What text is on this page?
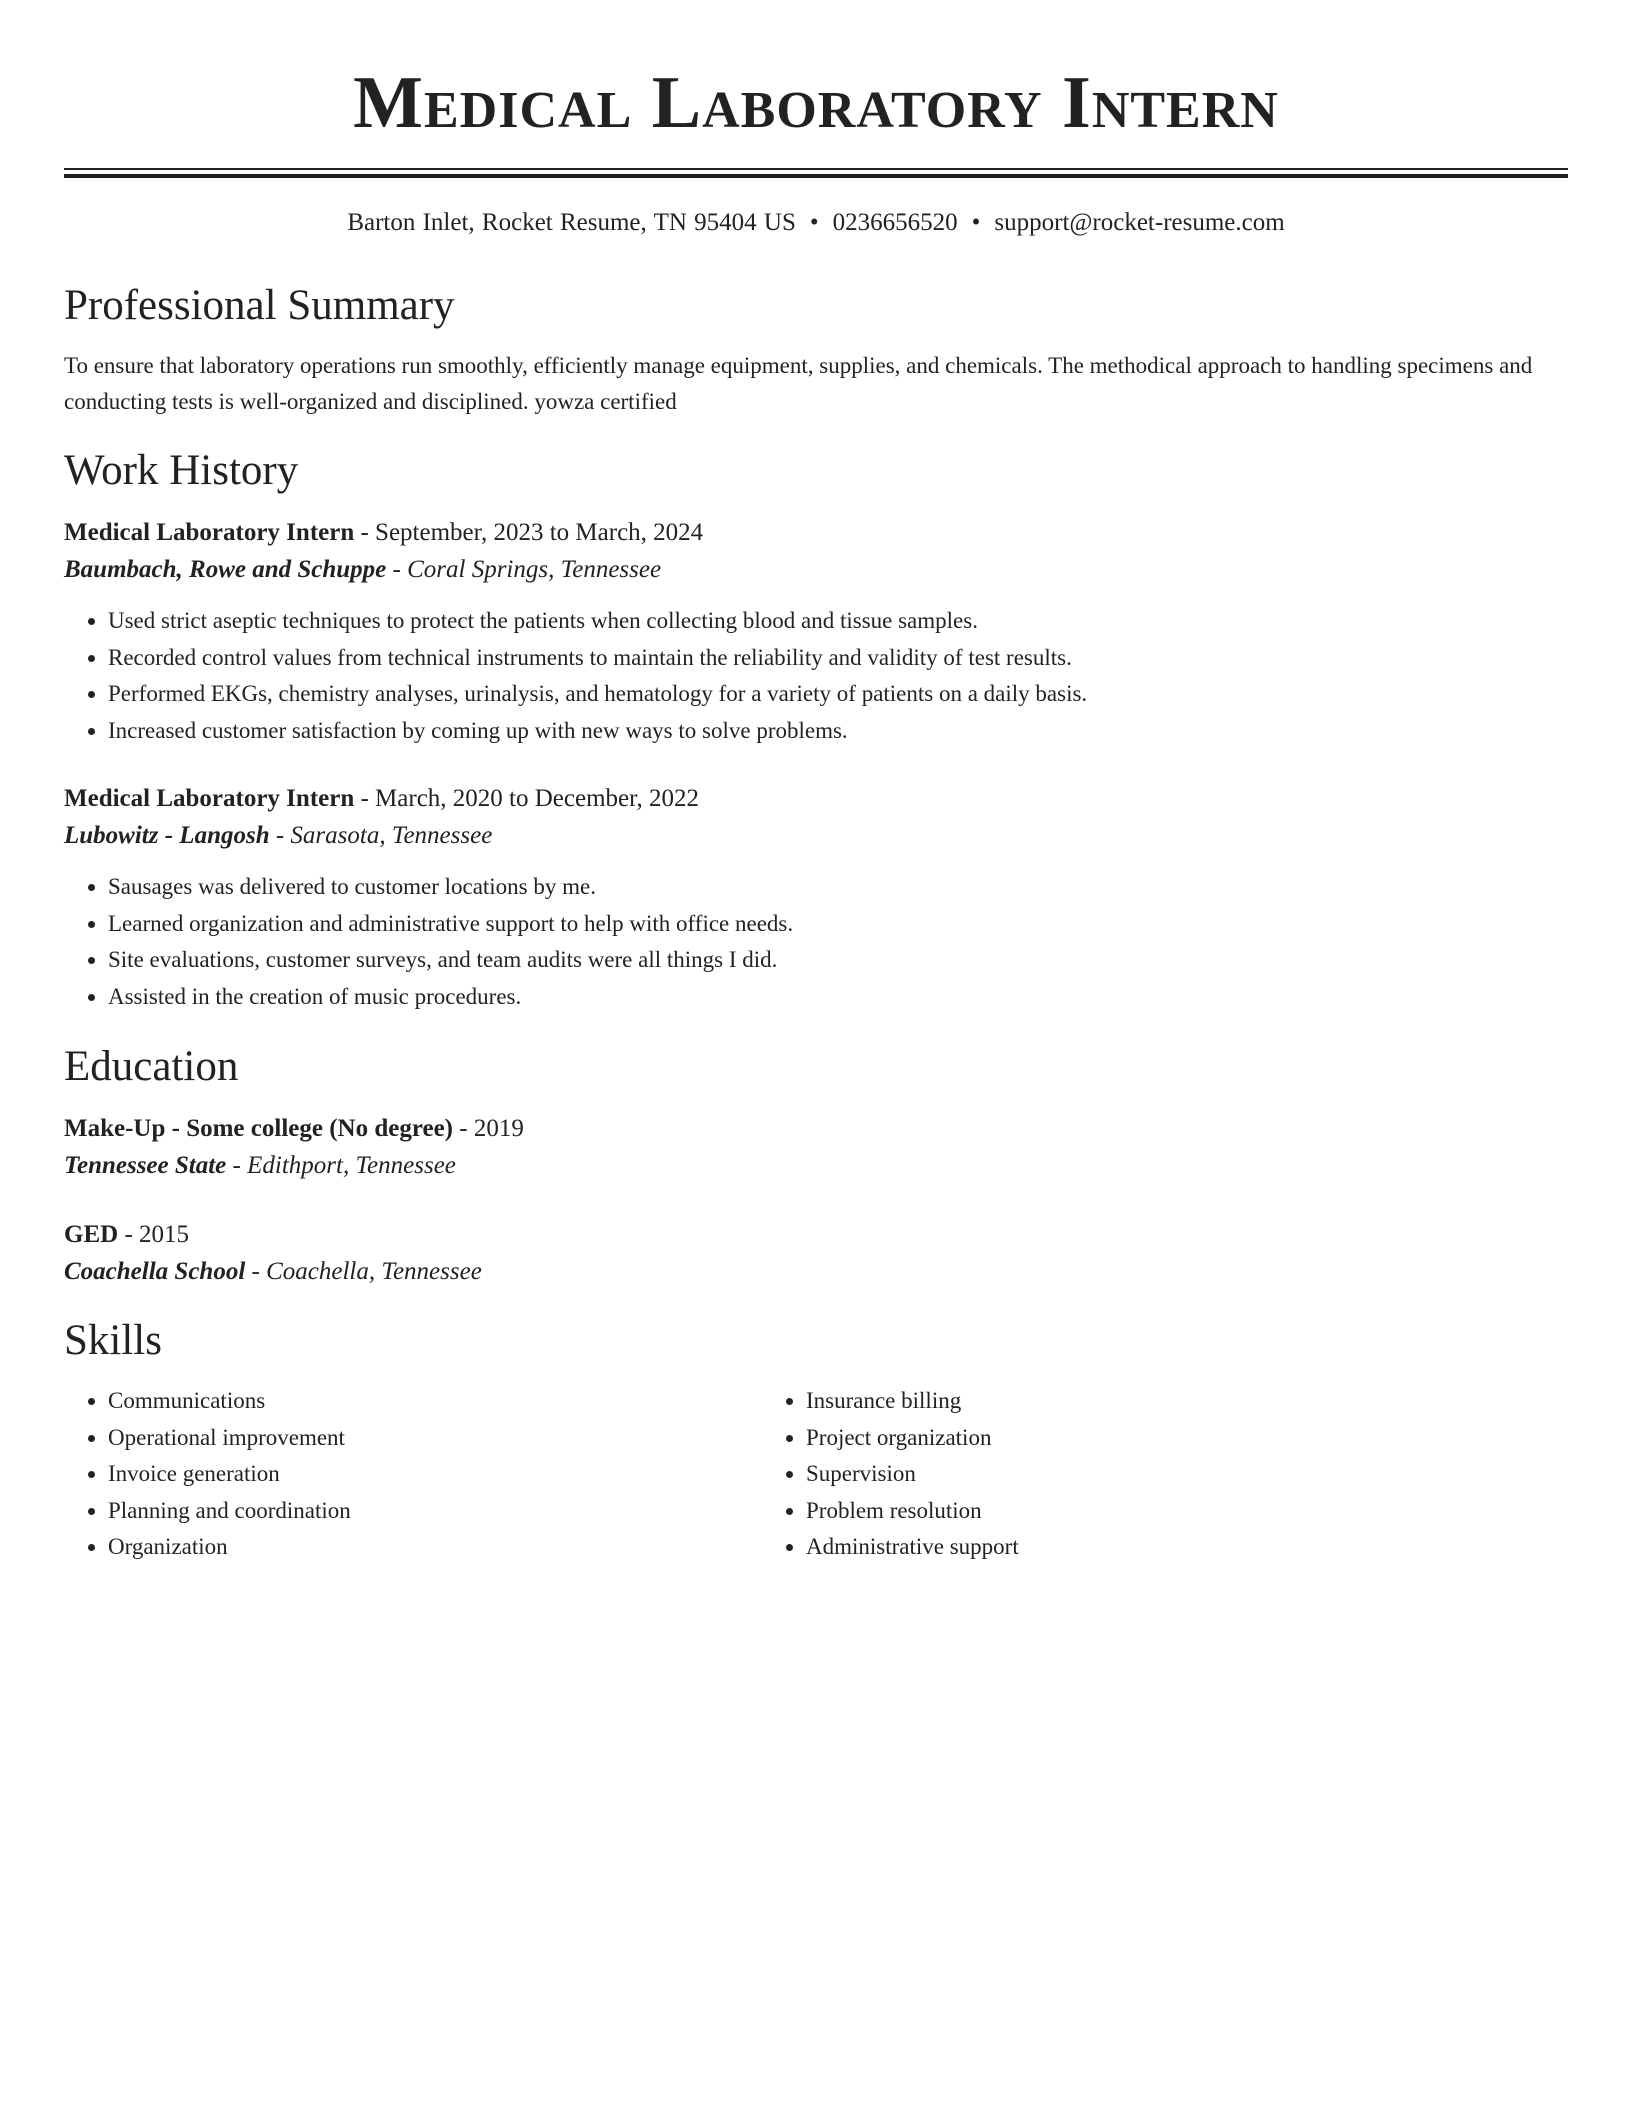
Medical Laboratory Intern
Barton Inlet, Rocket Resume, TN 95404 US • 0236656520 • support@rocket-resume.com
Professional Summary
To ensure that laboratory operations run smoothly, efficiently manage equipment, supplies, and chemicals. The methodical approach to handling specimens and conducting tests is well-organized and disciplined. yowza certified
Work History
Medical Laboratory Intern - September, 2023 to March, 2024
Baumbach, Rowe and Schuppe - Coral Springs, Tennessee
• Used strict aseptic techniques to protect the patients when collecting blood and tissue samples.
• Recorded control values from technical instruments to maintain the reliability and validity of test results.
• Performed EKGs, chemistry analyses, urinalysis, and hematology for a variety of patients on a daily basis.
• Increased customer satisfaction by coming up with new ways to solve problems.
Medical Laboratory Intern - March, 2020 to December, 2022
Lubowitz - Langosh - Sarasota, Tennessee
• Sausages was delivered to customer locations by me.
• Learned organization and administrative support to help with office needs.
• Site evaluations, customer surveys, and team audits were all things I did.
• Assisted in the creation of music procedures.
Education
Make-Up - Some college (No degree) - 2019
Tennessee State - Edithport, Tennessee
GED - 2015
Coachella School - Coachella, Tennessee
Skills
• Communications
• Operational improvement
• Invoice generation
• Planning and coordination
• Organization
• Insurance billing
• Project organization
• Supervision
• Problem resolution
• Administrative support
